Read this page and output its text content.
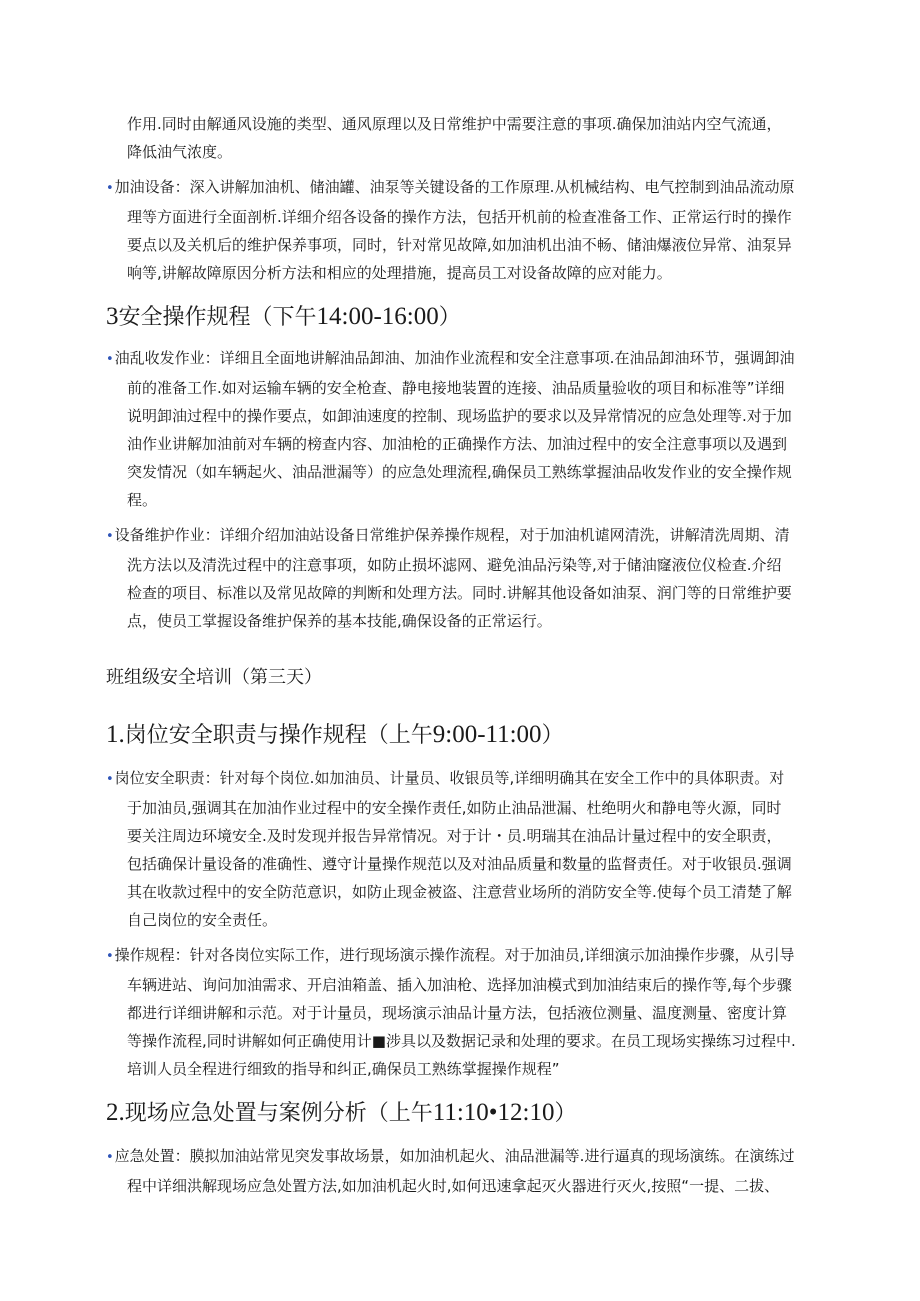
作用.同时由解通风设施的类型、通风原理以及日常维护中需要注意的事项.确保加油站内空气流通，
降低油气浓度。
•加油设备：深入讲解加油机、储油罐、油泵等关键设备的工作原理.从机械结构、电气控制到油品流动原
理等方面进行全面剖析.详细介绍各设备的操作方法，包括开机前的检查准备工作、正常运行时的操作
要点以及关机后的维护保养事项，同时，针对常见故障,如加油机出油不畅、储油爆液位异常、油泵异
响等,讲解故障原因分析方法和相应的处理措施，提高员工对设备故障的应对能力。
3安全操作规程（下午14:00-16:00）
•油乱收发作业：详细且全面地讲解油品卸油、加油作业流程和安全注意事项.在油品卸油环节，强调卸油
前的准备工作.如对运输车辆的安全枪查、静电接地装置的连接、油品质量验收的项目和标准等”详细
说明卸油过程中的操作要点，如卸油速度的控制、现场监护的要求以及异常情况的应急处理等.对于加
油作业讲解加油前对车辆的榜查内容、加油枪的正确操作方法、加油过程中的安全注意事项以及遇到
突发情况（如车辆起火、油品泄漏等）的应急处理流程,确保员工熟练掌握油品收发作业的安全操作规
程。
•设备维护作业：详细介绍加油站设备日常维护保养操作规程，对于加油机谑网清洗，讲解清洗周期、清
洗方法以及清洗过程中的注意事项，如防止损坏滤网、避免油品污染等,对于储油窿液位仪检查.介绍
检查的项目、标准以及常见故障的判断和处理方法。同时.讲解其他设备如油泵、润门等的日常维护要
点，使员工掌握设备维护保养的基本技能,确保设备的正常运行。
班组级安全培训（第三天）
1.岗位安全职责与操作规程（上午9:00-11:00）
•岗位安全职责：针对每个岗位.如加油员、计量员、收银员等,详细明确其在安全工作中的具体职责。对
于加油员,强调其在加油作业过程中的安全操作责任,如防止油品泄漏、杜绝明火和静电等火源，同时
要关注周边环境安全.及时发现并报告异常情况。对于计・员.明瑞其在油品计量过程中的安全职责，
包括确保计量设备的准确性、遵守计量操作规范以及对油品质量和数量的监督责任。对于收银员.强调
其在收款过程中的安全防范意识，如防止现金被盗、注意营业场所的消防安全等.使每个员工清楚了解
自己岗位的安全责任。
•操作规程：针对各岗位实际工作，进行现场演示操作流程。对于加油员,详细演示加油操作步骤，从引导
车辆进站、询问加油需求、开启油箱盖、插入加油枪、选择加油模式到加油结束后的操作等,每个步骤
都进行详细讲解和示范。对于计量员，现场演示油品计量方法，包括液位测量、温度测量、密度计算
等操作流程,同时讲解如何正确使用计■涉具以及数据记录和处理的要求。在员工现场实操练习过程中.
培训人员全程进行细致的指导和纠正,确保员工熟练掌握操作规程”
2.现场应急处置与案例分析（上午11:10•12:10）
•应急处置：膜拟加油站常见突发事故场景，如加油机起火、油品泄漏等.进行逼真的现场演练。在演练过
程中详细洪解现场应急处置方法,如加油机起火时,如何迅速拿起灭火器进行灭火,按照“一提、二拔、
